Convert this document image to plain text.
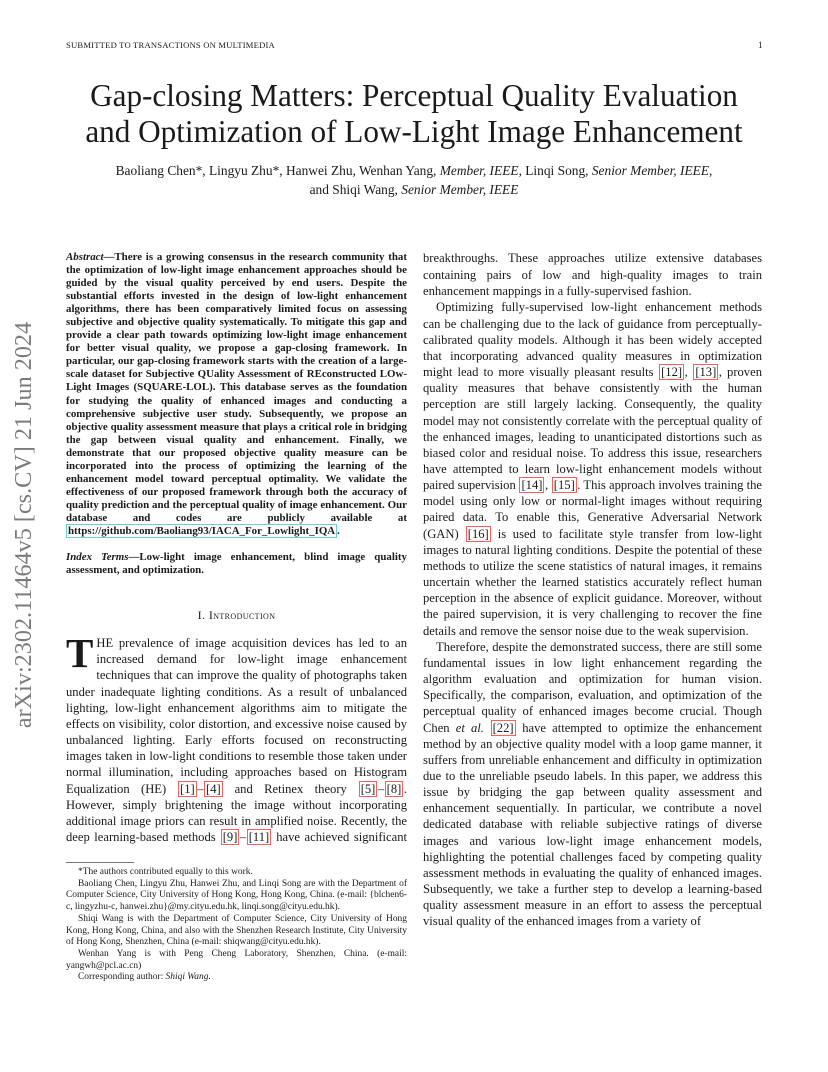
SUBMITTED TO TRANSACTIONS ON MULTIMEDIA	1
arXiv:2302.11464v5 [cs.CV] 21 Jun 2024
Gap-closing Matters: Perceptual Quality Evaluation
and Optimization of Low-Light Image Enhancement
Baoliang Chen*, Lingyu Zhu*, Hanwei Zhu, Wenhan Yang, Member, IEEE, Linqi Song, Senior Member, IEEE,
and Shiqi Wang, Senior Member, IEEE

Abstract—There is a growing consensus in the research community that the optimization of low-light image enhancement approaches should be guided by the visual quality perceived by end users. Despite the substantial efforts invested in the design of low-light enhancement algorithms, there has been comparatively limited focus on assessing subjective and objective quality systematically. To mitigate this gap and provide a clear path towards optimizing low-light image enhancement for better visual quality, we propose a gap-closing framework. In particular, our gap-closing framework starts with the creation of a large-scale dataset for Subjective QUality Assessment of REconstructed LOw-Light Images (SQUARE-LOL). This database serves as the foundation for studying the quality of enhanced images and conducting a comprehensive subjective user study. Subsequently, we propose an objective quality assessment measure that plays a critical role in bridging the gap between visual quality and enhancement. Finally, we demonstrate that our proposed objective quality measure can be incorporated into the process of optimizing the learning of the enhancement model toward perceptual optimality. We validate the effectiveness of our proposed framework through both the accuracy of quality prediction and the perceptual quality of image enhancement. Our database and codes are publicly available at https://github.com/Baoliang93/IACA_For_Lowlight_IQA .

Index Terms—Low-light image enhancement, blind image quality assessment, and optimization.

I. Introduction

THE prevalence of image acquisition devices has led to an increased demand for low-light image enhancement techniques that can improve the quality of photographs taken under inadequate lighting conditions. As a result of unbalanced lighting, low-light enhancement algorithms aim to mitigate the effects on visibility, color distortion, and excessive noise caused by unbalanced lighting. Early efforts focused on reconstructing images taken in low-light conditions to resemble those taken under normal illumination, including approaches based on Histogram Equalization (HE) [1] – [4] and Retinex theory [5] – [8] . However, simply brightening the image without incorporating additional image priors can result in amplified noise. Recently, the deep learning-based methods [9] – [11] have achieved significant

*The authors contributed equally to this work.

Baoliang Chen, Lingyu Zhu, Hanwei Zhu, and Linqi Song are with the Department of Computer Science, City University of Hong Kong, Hong Kong, China. (e-mail: {blchen6-c, lingyzhu-c, hanwei.zhu}@my.cityu.edu.hk, linqi.song@cityu.edu.hk).

Shiqi Wang is with the Department of Computer Science, City University of Hong Kong, Hong Kong, China, and also with the Shenzhen Research Institute, City University of Hong Kong, Shenzhen, China (e-mail: shiqwang@cityu.edu.hk).

Wenhan Yang is with Peng Cheng Laboratory, Shenzhen, China. (e-mail: yangwh@pcl.ac.cn)

Corresponding author: Shiqi Wang.

breakthroughs. These approaches utilize extensive databases containing pairs of low and high-quality images to train enhancement mappings in a fully-supervised fashion.

Optimizing fully-supervised low-light enhancement methods can be challenging due to the lack of guidance from perceptually-calibrated quality models. Although it has been widely accepted that incorporating advanced quality measures in optimization might lead to more visually pleasant results [12] , [13] , proven quality measures that behave consistently with the human perception are still largely lacking. Consequently, the quality model may not consistently correlate with the perceptual quality of the enhanced images, leading to unanticipated distortions such as biased color and residual noise. To address this issue, researchers have attempted to learn low-light enhancement models without paired supervision [14] , [15] . This approach involves training the model using only low or normal-light images without requiring paired data. To enable this, Generative Adversarial Network (GAN) [16] is used to facilitate style transfer from low-light images to natural lighting conditions. Despite the potential of these methods to utilize the scene statistics of natural images, it remains uncertain whether the learned statistics accurately reflect human perception in the absence of explicit guidance. Moreover, without the paired supervision, it is very challenging to recover the fine details and remove the sensor noise due to the weak supervision.

Therefore, despite the demonstrated success, there are still some fundamental issues in low light enhancement regarding the algorithm evaluation and optimization for human vision. Specifically, the comparison, evaluation, and optimization of the perceptual quality of enhanced images become crucial. Though Chen et al. [22] have attempted to optimize the enhancement method by an objective quality model with a loop game manner, it suffers from unreliable enhancement and difficulty in optimization due to the unreliable pseudo labels. In this paper, we address this issue by bridging the gap between quality assessment and enhancement sequentially. In particular, we contribute a novel dedicated database with reliable subjective ratings of diverse images and various low-light image enhancement models, highlighting the potential challenges faced by competing quality assessment methods in evaluating the quality of enhanced images. Subsequently, we take a further step to develop a learning-based quality assessment measure in an effort to assess the perceptual visual quality of the enhanced images from a variety of
